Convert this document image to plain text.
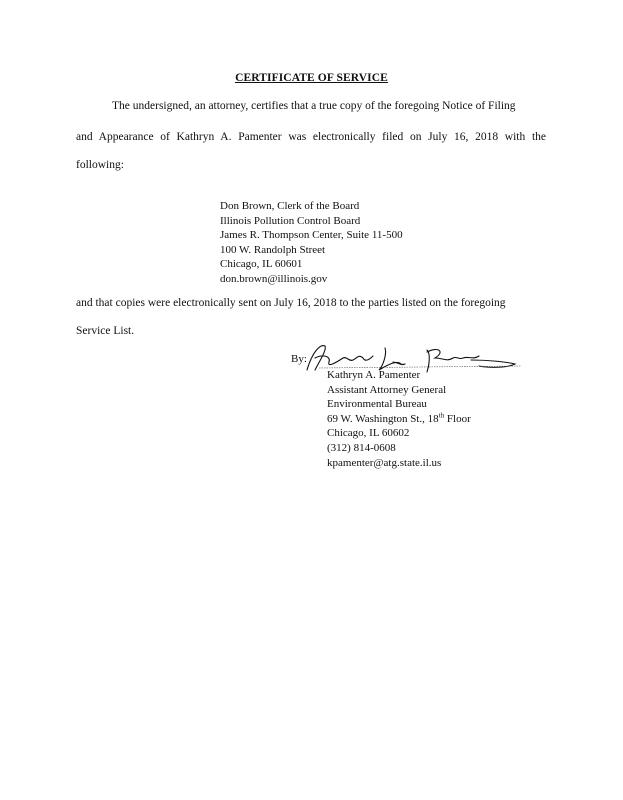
CERTIFICATE OF SERVICE
The undersigned, an attorney, certifies that a true copy of the foregoing Notice of Filing
and Appearance of Kathryn A. Pamenter was electronically filed on July 16, 2018 with the
following:
Don Brown, Clerk of the Board
Illinois Pollution Control Board
James R. Thompson Center, Suite 11-500
100 W. Randolph Street
Chicago, IL 60601
don.brown@illinois.gov
and that copies were electronically sent on July 16, 2018 to the parties listed on the foregoing
Service List.
By:
Kathryn A. Pamenter
Assistant Attorney General
Environmental Bureau
69 W. Washington St., 18th Floor
Chicago, IL 60602
(312) 814-0608
kpamenter@atg.state.il.us
